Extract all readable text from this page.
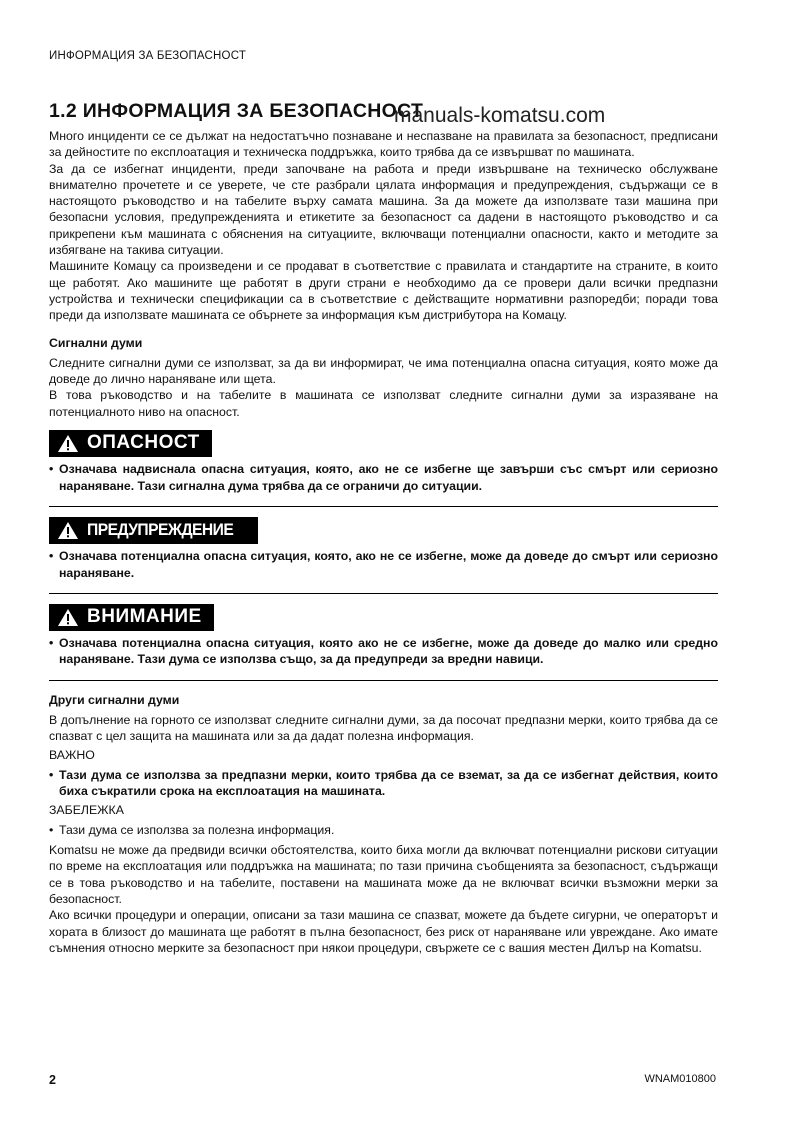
ИНФОРМАЦИЯ ЗА БЕЗОПАСНОСТ
1.2 ИНФОРМАЦИЯ ЗА БЕЗОПАСНОСТ
manuals-komatsu.com

Много инциденти се се дължат на недостатъчно познаване и неспазване на правилата за безопасност, предписани за дейностите по експлоатация и техническа поддръжка, които трябва да се извършват по машината.

За да се избегнат инциденти, преди започване на работа и преди извършване на техническо обслужване внимателно прочетете и се уверете, че сте разбрали цялата информация и предупреждения, съдържащи се в настоящото ръководство и на табелите върху самата машина. За да можете да използвате тази машина при безопасни условия, предупрежденията и етикетите за безопасност са дадени в настоящото ръководство и са прикрепени към машината с обяснения на ситуациите, включващи потенциални опасности, както и методите за избягване на такива ситуации.

Машините Комацу са произведени и се продават в съответствие с правилата и стандартите на страните, в които ще работят. Ако машините ще работят в други страни е необходимо да се провери дали всички предпазни устройства и технически спецификации са в съответствие с действащите нормативни разпоредби; поради това преди да използвате машината се обърнете за информация към дистрибутора на Комацу.

Сигнални думи

Следните сигнални думи се използват, за да ви информират, че има потенциална опасна ситуация, която може да доведе до лично нараняване или щета.

В това ръководство и на табелите в машината се използват следните сигнални думи за изразяване на потенциалното ниво на опасност.

ОПАСНОСТ

• Означава надвиснала опасна ситуация, която, ако не се избегне ще завърши със смърт или сериозно нараняване. Тази сигнална дума трябва да се ограничи до ситуации.

ПРЕДУПРЕЖДЕНИЕ

• Означава потенциална опасна ситуация, която, ако не се избегне, може да доведе до смърт или сериозно нараняване.

ВНИМАНИЕ

• Означава потенциална опасна ситуация, която ако не се избегне, може да доведе до малко или средно нараняване. Тази дума се използва също, за да предупреди за вредни навици.

Други сигнални думи

В допълнение на горното се използват следните сигнални думи, за да посочат предпазни мерки, които трябва да се спазват с цел защита на машината или за да дадат полезна информация.

ВАЖНО

• Тази дума се използва за предпазни мерки, които трябва да се вземат, за да се избегнат действия, които биха съкратили срока на експлоатация на машината.

ЗАБЕЛЕЖКА

• Тази дума се използва за полезна информация.

Komatsu не може да предвиди всички обстоятелства, които биха могли да включват потенциални рискови ситуации по време на експлоатация или поддръжка на машината; по тази причина съобщенията за безопасност, съдържащи се в това ръководство и на табелите, поставени на машината може да не включват всички възможни мерки за безопасност.

Ако всички процедури и операции, описани за тази машина се спазват, можете да бъдете сигурни, че операторът и хората в близост до машината ще работят в пълна безопасност, без риск от нараняване или увреждане. Ако имате съмнения относно мерките за безопасност при някои процедури, свържете се с вашия местен Дилър на Komatsu.

2	WNAM010800
